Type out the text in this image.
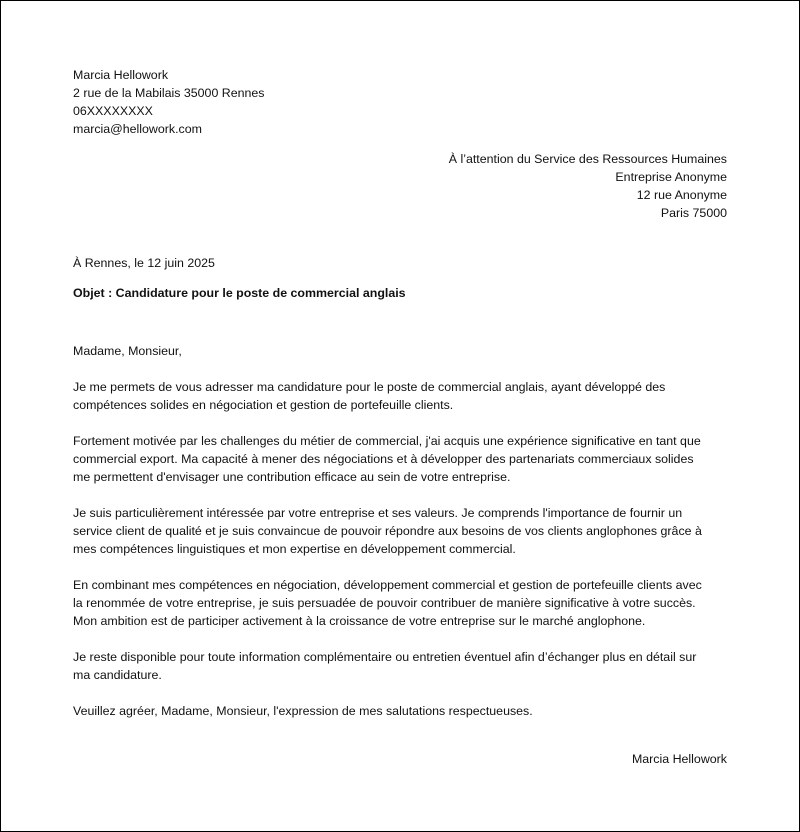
Marcia Hellowork
2 rue de la Mabilais 35000 Rennes
06XXXXXXXX
marcia@hellowork.com
À l’attention du Service des Ressources Humaines
Entreprise Anonyme
12 rue Anonyme
Paris 75000
À Rennes, le 12 juin 2025
Objet : Candidature pour le poste de commercial anglais

Madame, Monsieur,

Je me permets de vous adresser ma candidature pour le poste de commercial anglais, ayant développé des
compétences solides en négociation et gestion de portefeuille clients.

Fortement motivée par les challenges du métier de commercial, j'ai acquis une expérience significative en tant que
commercial export. Ma capacité à mener des négociations et à développer des partenariats commerciaux solides
me permettent d'envisager une contribution efficace au sein de votre entreprise.

Je suis particulièrement intéressée par votre entreprise et ses valeurs. Je comprends l'importance de fournir un
service client de qualité et je suis convaincue de pouvoir répondre aux besoins de vos clients anglophones grâce à
mes compétences linguistiques et mon expertise en développement commercial.

En combinant mes compétences en négociation, développement commercial et gestion de portefeuille clients avec
la renommée de votre entreprise, je suis persuadée de pouvoir contribuer de manière significative à votre succès.
Mon ambition est de participer activement à la croissance de votre entreprise sur le marché anglophone.

Je reste disponible pour toute information complémentaire ou entretien éventuel afin d’échanger plus en détail sur
ma candidature.

Veuillez agréer, Madame, Monsieur, l'expression de mes salutations respectueuses.

Marcia Hellowork
